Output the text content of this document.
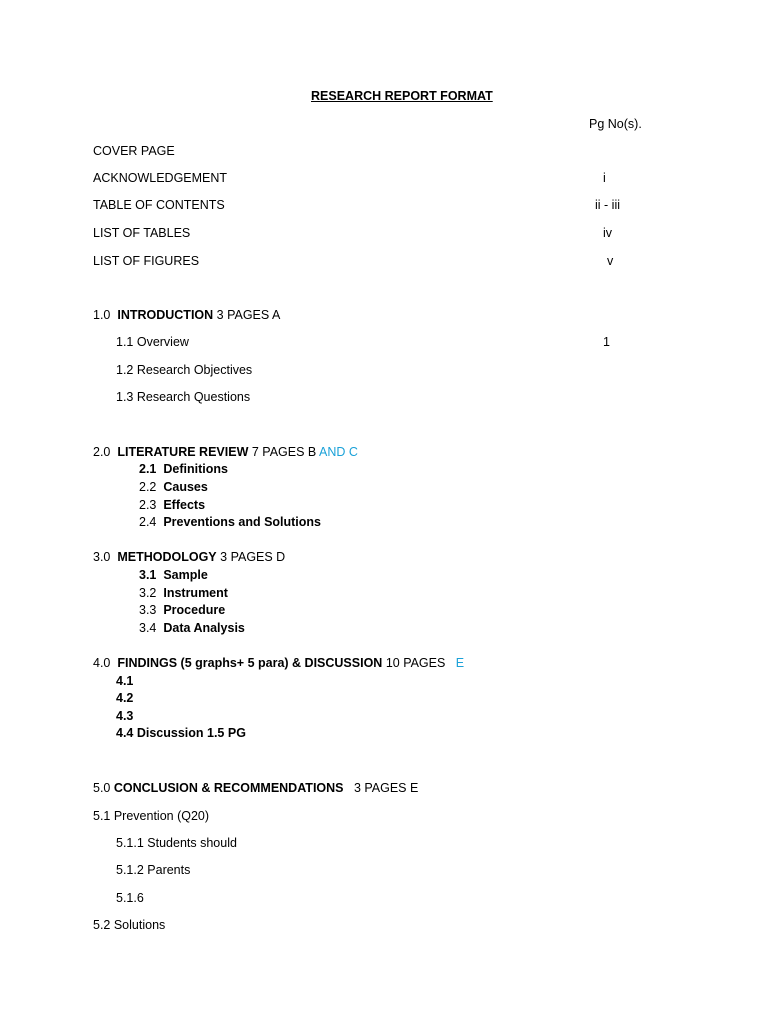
RESEARCH REPORT FORMAT
Pg No(s).
COVER PAGE
ACKNOWLEDGEMENT	i
TABLE OF CONTENTS	ii - iii
LIST OF TABLES	iv
LIST OF FIGURES	v
1.0 INTRODUCTION 3 PAGES A
1.1 Overview	1
1.2 Research Objectives
1.3 Research Questions
2.0 LITERATURE REVIEW 7 PAGES B AND C
2.1 Definitions
2.2 Causes
2.3 Effects
2.4 Preventions and Solutions
3.0 METHODOLOGY 3 PAGES D
3.1 Sample
3.2 Instrument
3.3 Procedure
3.4 Data Analysis
4.0 FINDINGS (5 graphs+ 5 para) & DISCUSSION 10 PAGES E
4.1
4.2
4.3
4.4 Discussion 1.5 PG
5.0 CONCLUSION & RECOMMENDATIONS 3 PAGES E
5.1 Prevention (Q20)
5.1.1 Students should
5.1.2 Parents
5.1.6
5.2 Solutions
